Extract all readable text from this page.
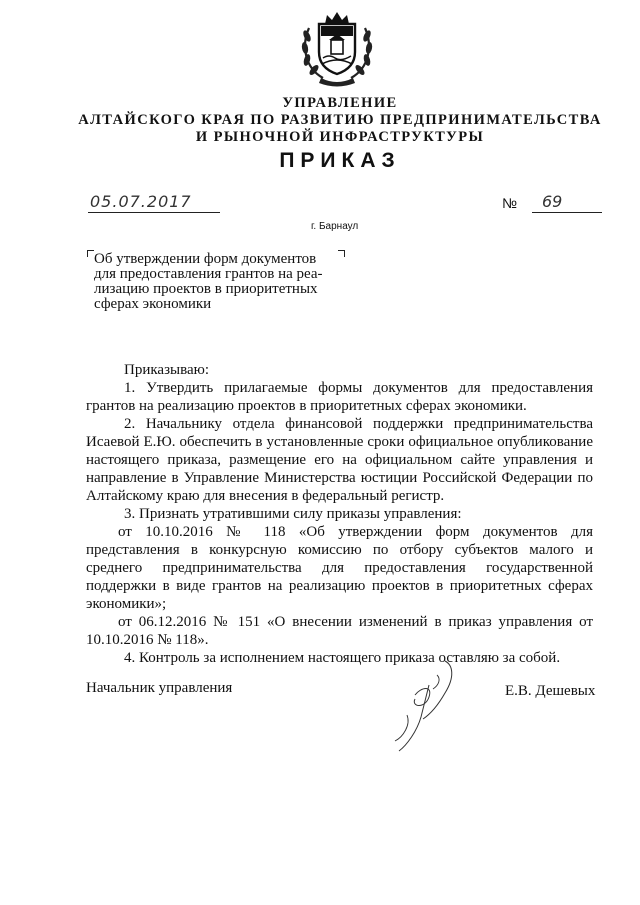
УПРАВЛЕНИЕ
АЛТАЙСКОГО КРАЯ ПО РАЗВИТИЮ ПРЕДПРИНИМАТЕЛЬСТВА
И РЫНОЧНОЙ ИНФРАСТРУКТУРЫ
ПРИКАЗ
05.07.2017	№	69
г. Барнаул
Об утверждении форм документов
для предоставления грантов на реа-
лизацию проектов в приоритетных
сферах экономики

Приказываю:

1. Утвердить прилагаемые формы документов для предоставления грантов на реализацию проектов в приоритетных сферах экономики.

2. Начальнику отдела финансовой поддержки предпринимательства Исаевой Е.Ю. обеспечить в установленные сроки официальное опубликование настоящего приказа, размещение его на официальном сайте управления и направление в Управление Министерства юстиции Российской Федерации по Алтайскому краю для внесения в федеральный регистр.

3. Признать утратившими силу приказы управления:

от 10.10.2016 № 118 «Об утверждении форм документов для представления в конкурсную комиссию по отбору субъектов малого и среднего предпринимательства для предоставления государственной поддержки в виде грантов на реализацию проектов в приоритетных сферах экономики»;

от 06.12.2016 № 151 «О внесении изменений в приказ управления от 10.10.2016 № 118».

4. Контроль за исполнением настоящего приказа оставляю за собой.

Начальник управления	Е.В. Дешевых
